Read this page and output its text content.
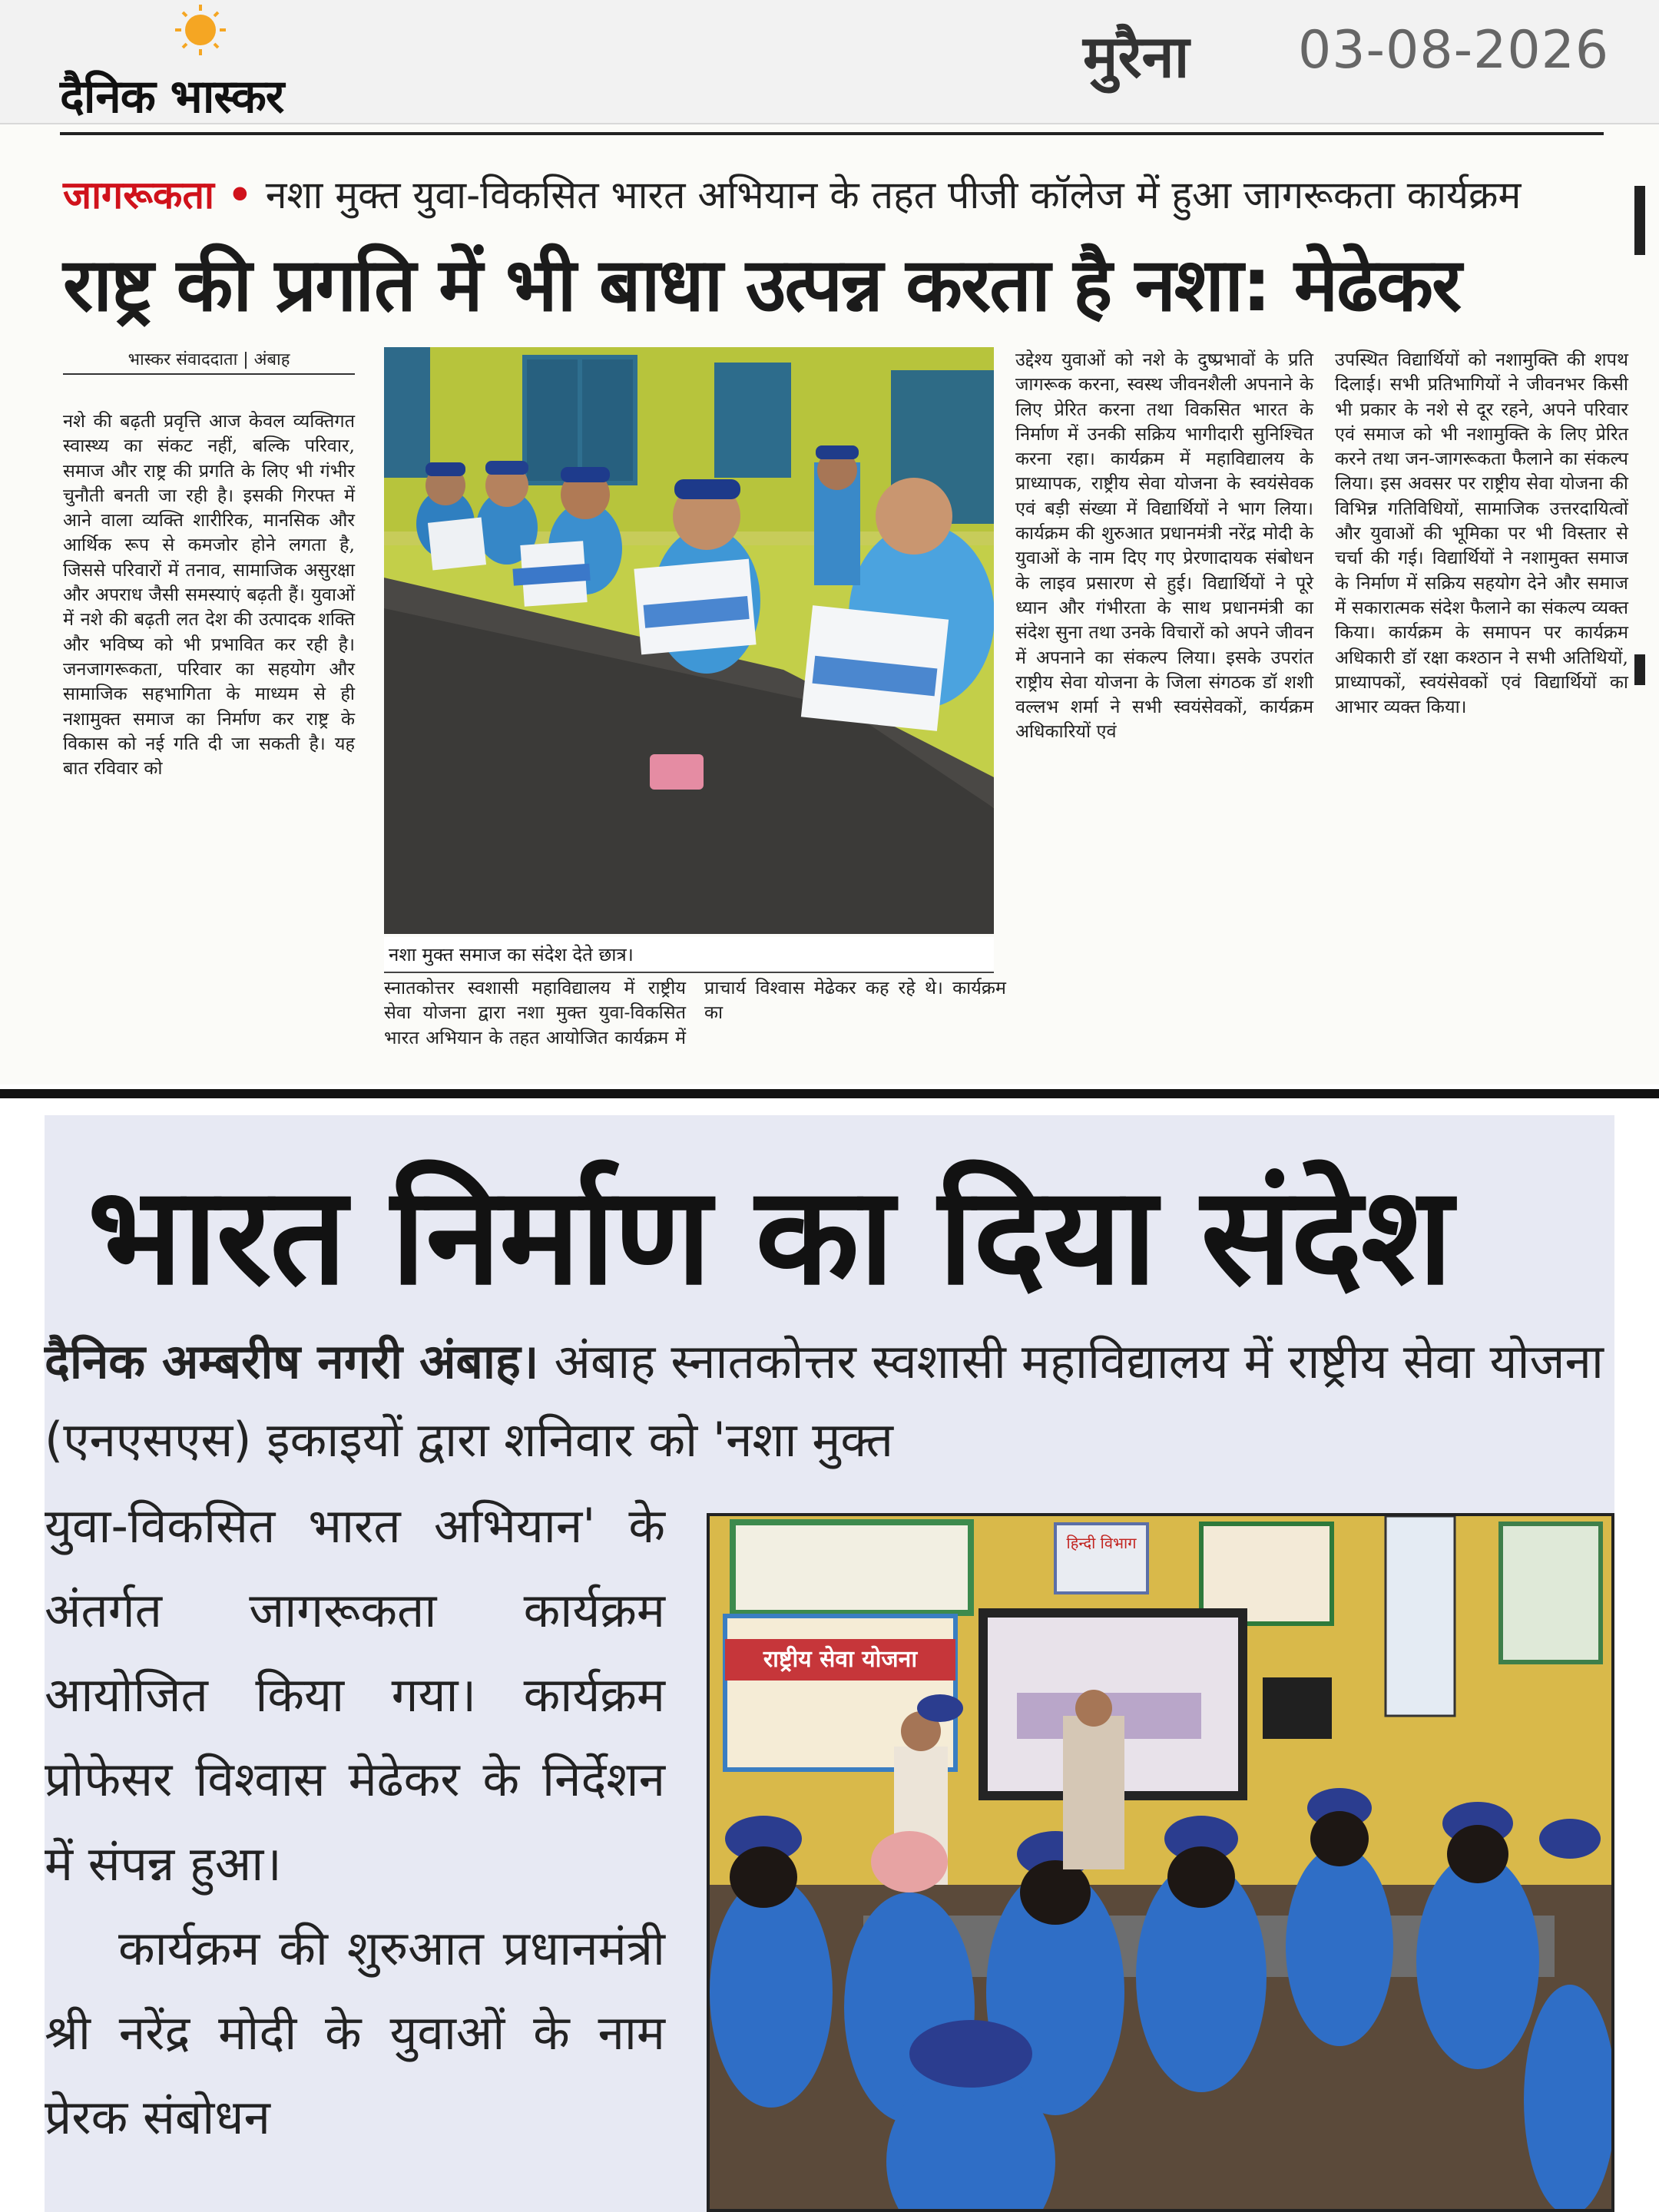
दैनिक भास्कर
मुरैना 03-08-2026
जागरूकता • नशा मुक्त युवा-विकसित भारत अभियान के तहत पीजी कॉलेज में हुआ जागरूकता कार्यक्रम
राष्ट्र की प्रगति में भी बाधा उत्पन्न करता है नशा: मेढेकर
भास्कर संवाददाता | अंबाह
नशे की बढ़ती प्रवृत्ति आज केवल व्यक्तिगत स्वास्थ्य का संकट नहीं, बल्कि परिवार, समाज और राष्ट्र की प्रगति के लिए भी गंभीर चुनौती बनती जा रही है। इसकी गिरफ्त में आने वाला व्यक्ति शारीरिक, मानसिक और आर्थिक रूप से कमजोर होने लगता है, जिससे परिवारों में तनाव, सामाजिक असुरक्षा और अपराध जैसी समस्याएं बढ़ती हैं। युवाओं में नशे की बढ़ती लत देश की उत्पादक शक्ति और भविष्य को भी प्रभावित कर रही है। जनजागरूकता, परिवार का सहयोग और सामाजिक सहभागिता के माध्यम से ही नशामुक्त समाज का निर्माण कर राष्ट्र के विकास को नई गति दी जा सकती है। यह बात रविवार को
नशा मुक्त समाज का संदेश देते छात्र।
स्नातकोत्तर स्वशासी महाविद्यालय में राष्ट्रीय सेवा योजना द्वारा नशा मुक्त युवा-विकसित भारत अभियान के तहत आयोजित कार्यक्रम में प्राचार्य विश्वास मेढेकर कह रहे थे। कार्यक्रम का
उद्देश्य युवाओं को नशे के दुष्प्रभावों के प्रति जागरूक करना, स्वस्थ जीवनशैली अपनाने के लिए प्रेरित करना तथा विकसित भारत के निर्माण में उनकी सक्रिय भागीदारी सुनिश्चित करना रहा। कार्यक्रम में महाविद्यालय के प्राध्यापक, राष्ट्रीय सेवा योजना के स्वयंसेवक एवं बड़ी संख्या में विद्यार्थियों ने भाग लिया। कार्यक्रम की शुरुआत प्रधानमंत्री नरेंद्र मोदी के युवाओं के नाम दिए गए प्रेरणादायक संबोधन के लाइव प्रसारण से हुई। विद्यार्थियों ने पूरे ध्यान और गंभीरता के साथ प्रधानमंत्री का संदेश सुना तथा उनके विचारों को अपने जीवन में अपनाने का संकल्प लिया। इसके उपरांत राष्ट्रीय सेवा योजना के जिला संगठक डॉ शशी वल्लभ शर्मा ने सभी स्वयंसेवकों, कार्यक्रम अधिकारियों एवं
उपस्थित विद्यार्थियों को नशामुक्ति की शपथ दिलाई। सभी प्रतिभागियों ने जीवनभर किसी भी प्रकार के नशे से दूर रहने, अपने परिवार एवं समाज को भी नशामुक्ति के लिए प्रेरित करने तथा जन-जागरूकता फैलाने का संकल्प लिया। इस अवसर पर राष्ट्रीय सेवा योजना की विभिन्न गतिविधियों, सामाजिक उत्तरदायित्वों और युवाओं की भूमिका पर भी विस्तार से चर्चा की गई। विद्यार्थियों ने नशामुक्त समाज के निर्माण में सक्रिय सहयोग देने और समाज में सकारात्मक संदेश फैलाने का संकल्प व्यक्त किया। कार्यक्रम के समापन पर कार्यक्रम अधिकारी डॉ रक्षा कश्ठान ने सभी अतिथियों, प्राध्यापकों, स्वयंसेवकों एवं विद्यार्थियों का आभार व्यक्त किया।
भारत निर्माण का दिया संदेश
दैनिक अम्बरीष नगरी अंबाह। अंबाह स्नातकोत्तर स्वशासी महाविद्यालय में राष्ट्रीय सेवा योजना (एनएसएस) इकाइयों द्वारा शनिवार को 'नशा मुक्त

युवा-विकसित भारत अभियान' के अंतर्गत जागरूकता कार्यक्रम आयोजित किया गया। कार्यक्रम प्रोफेसर विश्वास मेढेकर के निर्देशन में संपन्न हुआ।

कार्यक्रम की शुरुआत प्रधानमंत्री श्री नरेंद्र मोदी के युवाओं के नाम प्रेरक संबोधन

हिन्दी विभाग
राष्ट्रीय सेवा योजना
